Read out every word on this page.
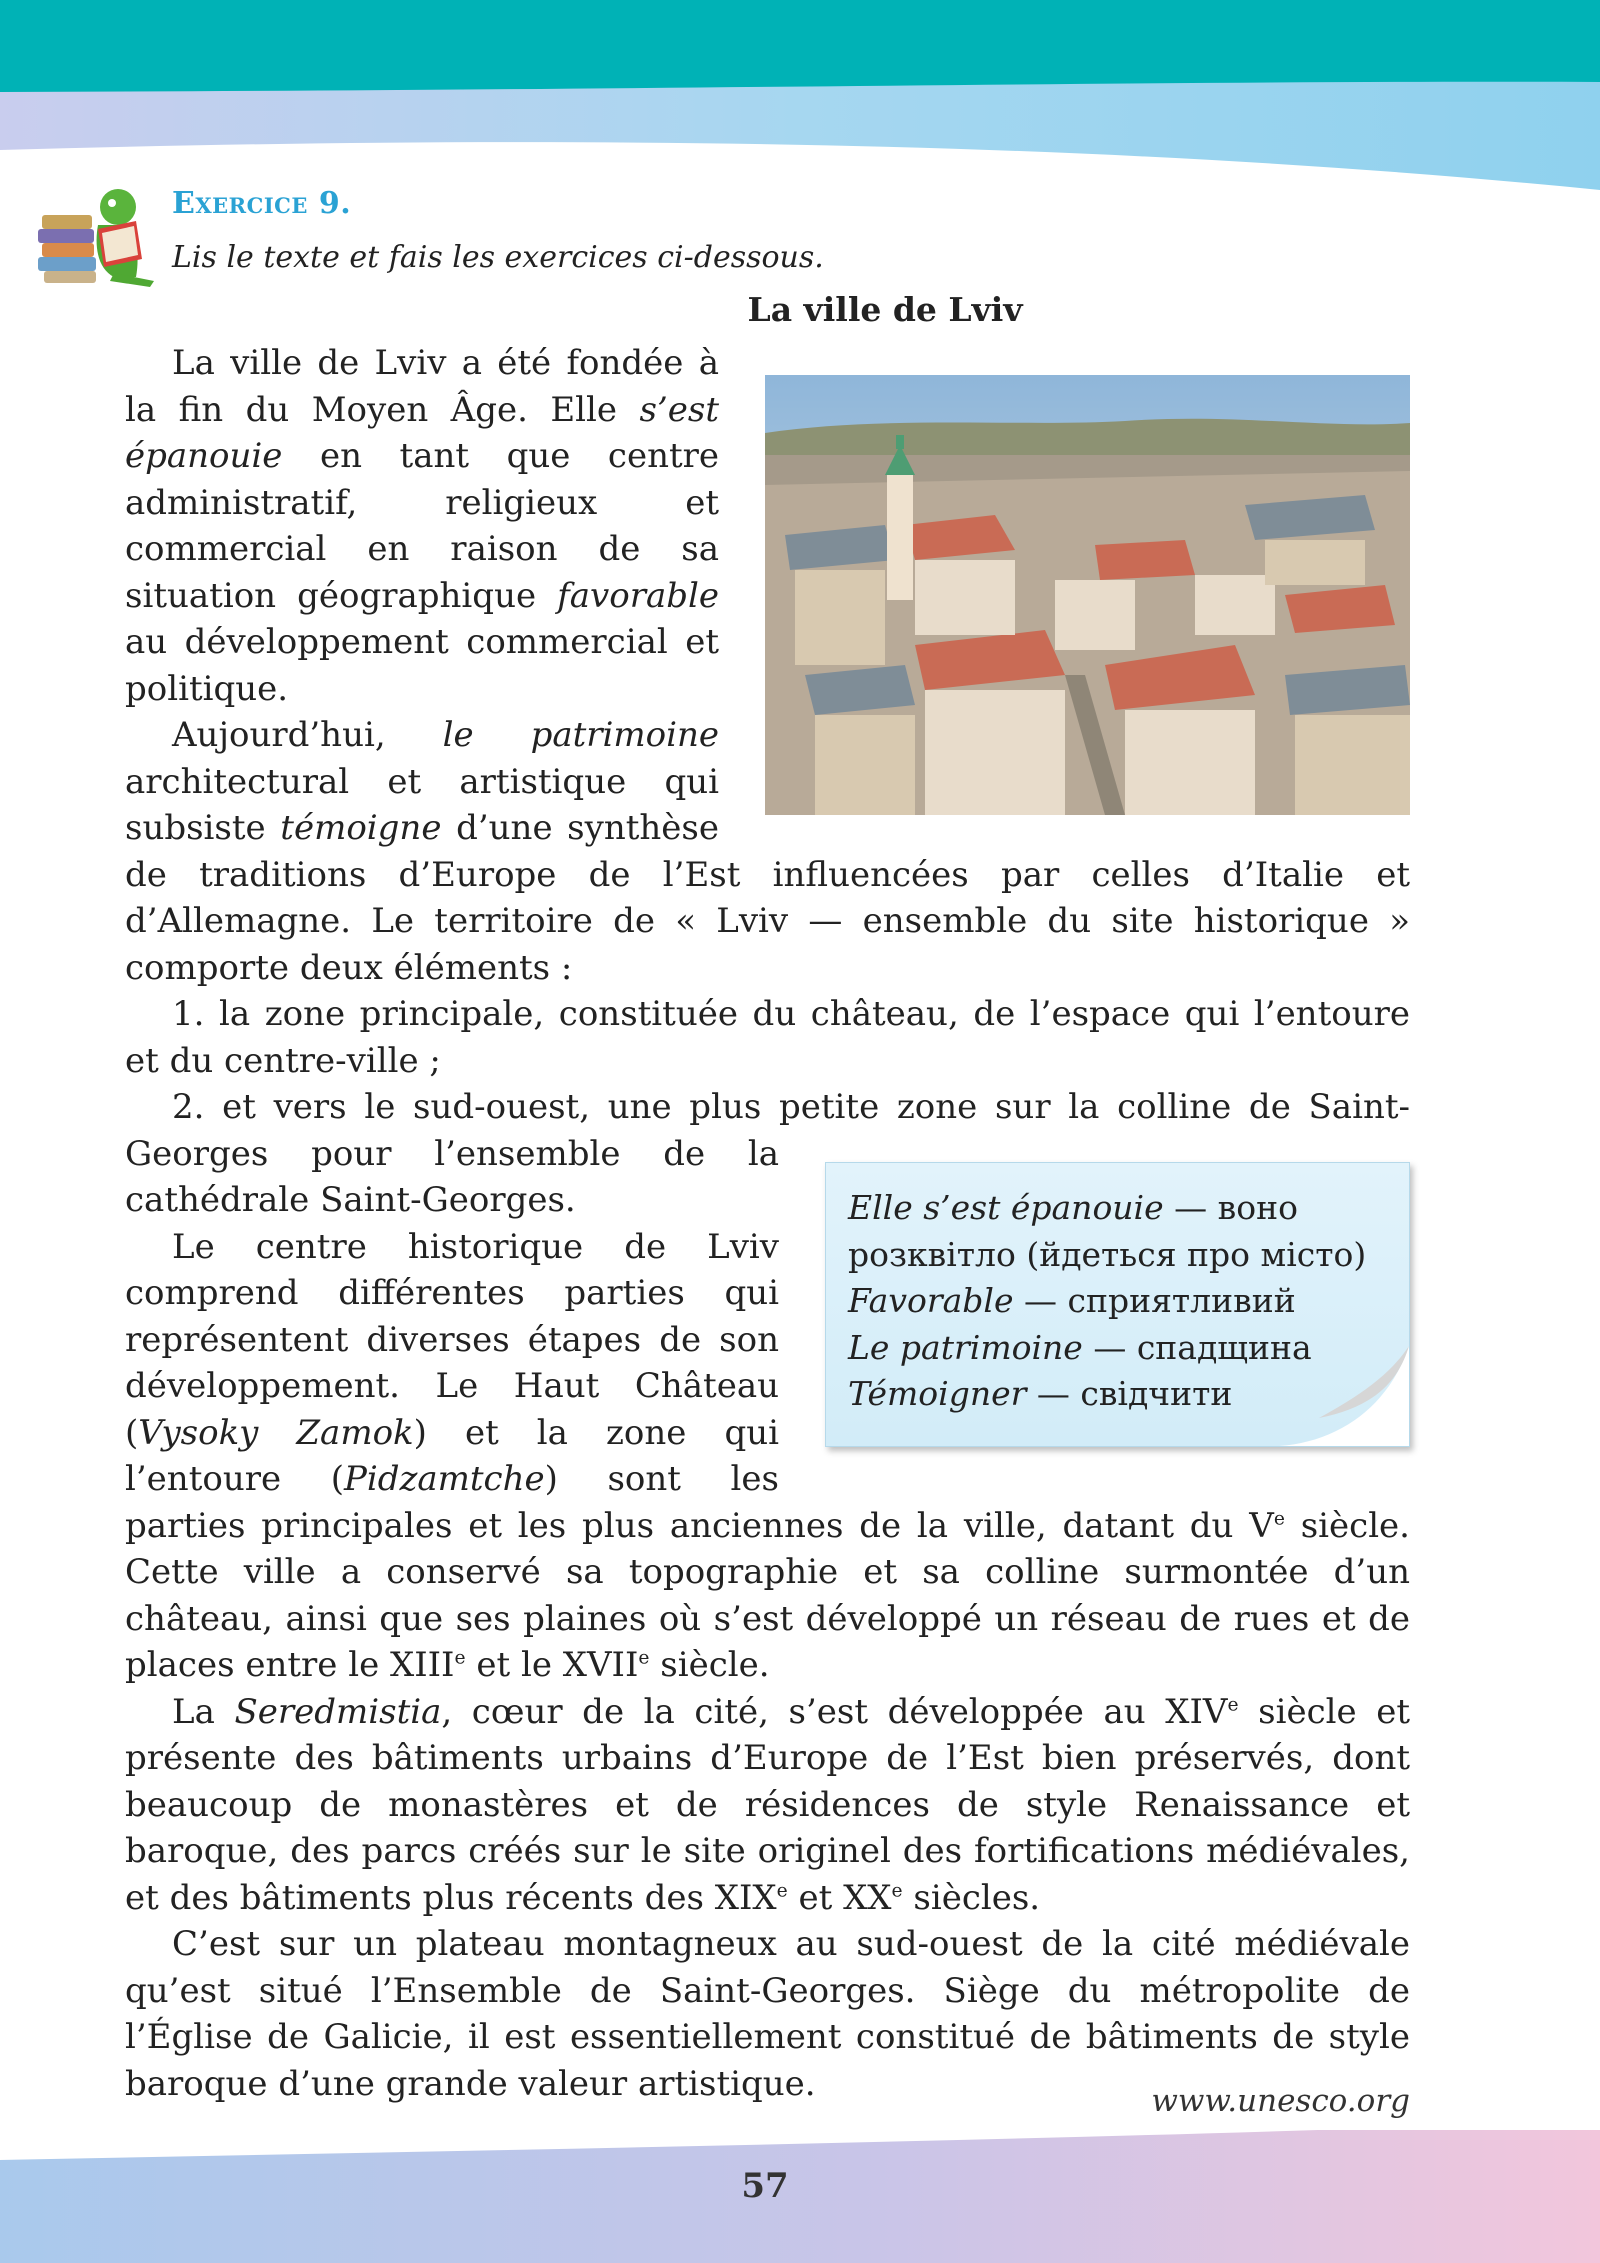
Exercice 9.
Lis le texte et fais les exercices ci-dessous.
La ville de Lviv
Elle s’est épanouie — воно
розквітло (йдеться про місто)
Favorable — сприятливий
Le patrimoine — спадщина
Témoigner — свідчити

La ville de Lviv a été fondée à la fin du Moyen Âge. Elle s’est épanouie en tant que centre administratif, religieux et commercial en raison de sa situation géographique favorable au développement commercial et politique.

Aujourd’hui, le patrimoine architectural et artistique qui subsiste témoigne d’une synthèse de traditions d’Europe de l’Est influencées par celles d’Italie et d’Allemagne. Le territoire de « Lviv — ensemble du site historique » comporte deux éléments :

1. la zone principale, constituée du château, de l’espace qui l’entoure et du centre-ville ;

2. et vers le sud-ouest, une plus petite zone sur la colline de Saint-Georges pour l’ensemble de la cathédrale Saint-Georges.

Le centre historique de Lviv comprend différentes parties qui représentent diverses étapes de son développement. Le Haut Château (Vysoky Zamok) et la zone qui l’entoure (Pidzamtche) sont les parties principales et les plus anciennes de la ville, datant du Ve siècle. Cette ville a conservé sa topographie et sa colline surmontée d’un château, ainsi que ses plaines où s’est développé un réseau de rues et de places entre le XIIIe et le XVIIe siècle.

La Seredmistia, cœur de la cité, s’est développée au XIVe siècle et présente des bâtiments urbains d’Europe de l’Est bien préservés, dont beaucoup de monastères et de résidences de style Renaissance et baroque, des parcs créés sur le site originel des fortifications médiévales, et des bâtiments plus récents des XIXe et XXe siècles.

C’est sur un plateau montagneux au sud-ouest de la cité médiévale qu’est situé l’Ensemble de Saint-Georges. Siège du métropolite de l’Église de Galicie, il est essentiellement constitué de bâtiments de style baroque d’une grande valeur artistique.	www.unesco.org
57
